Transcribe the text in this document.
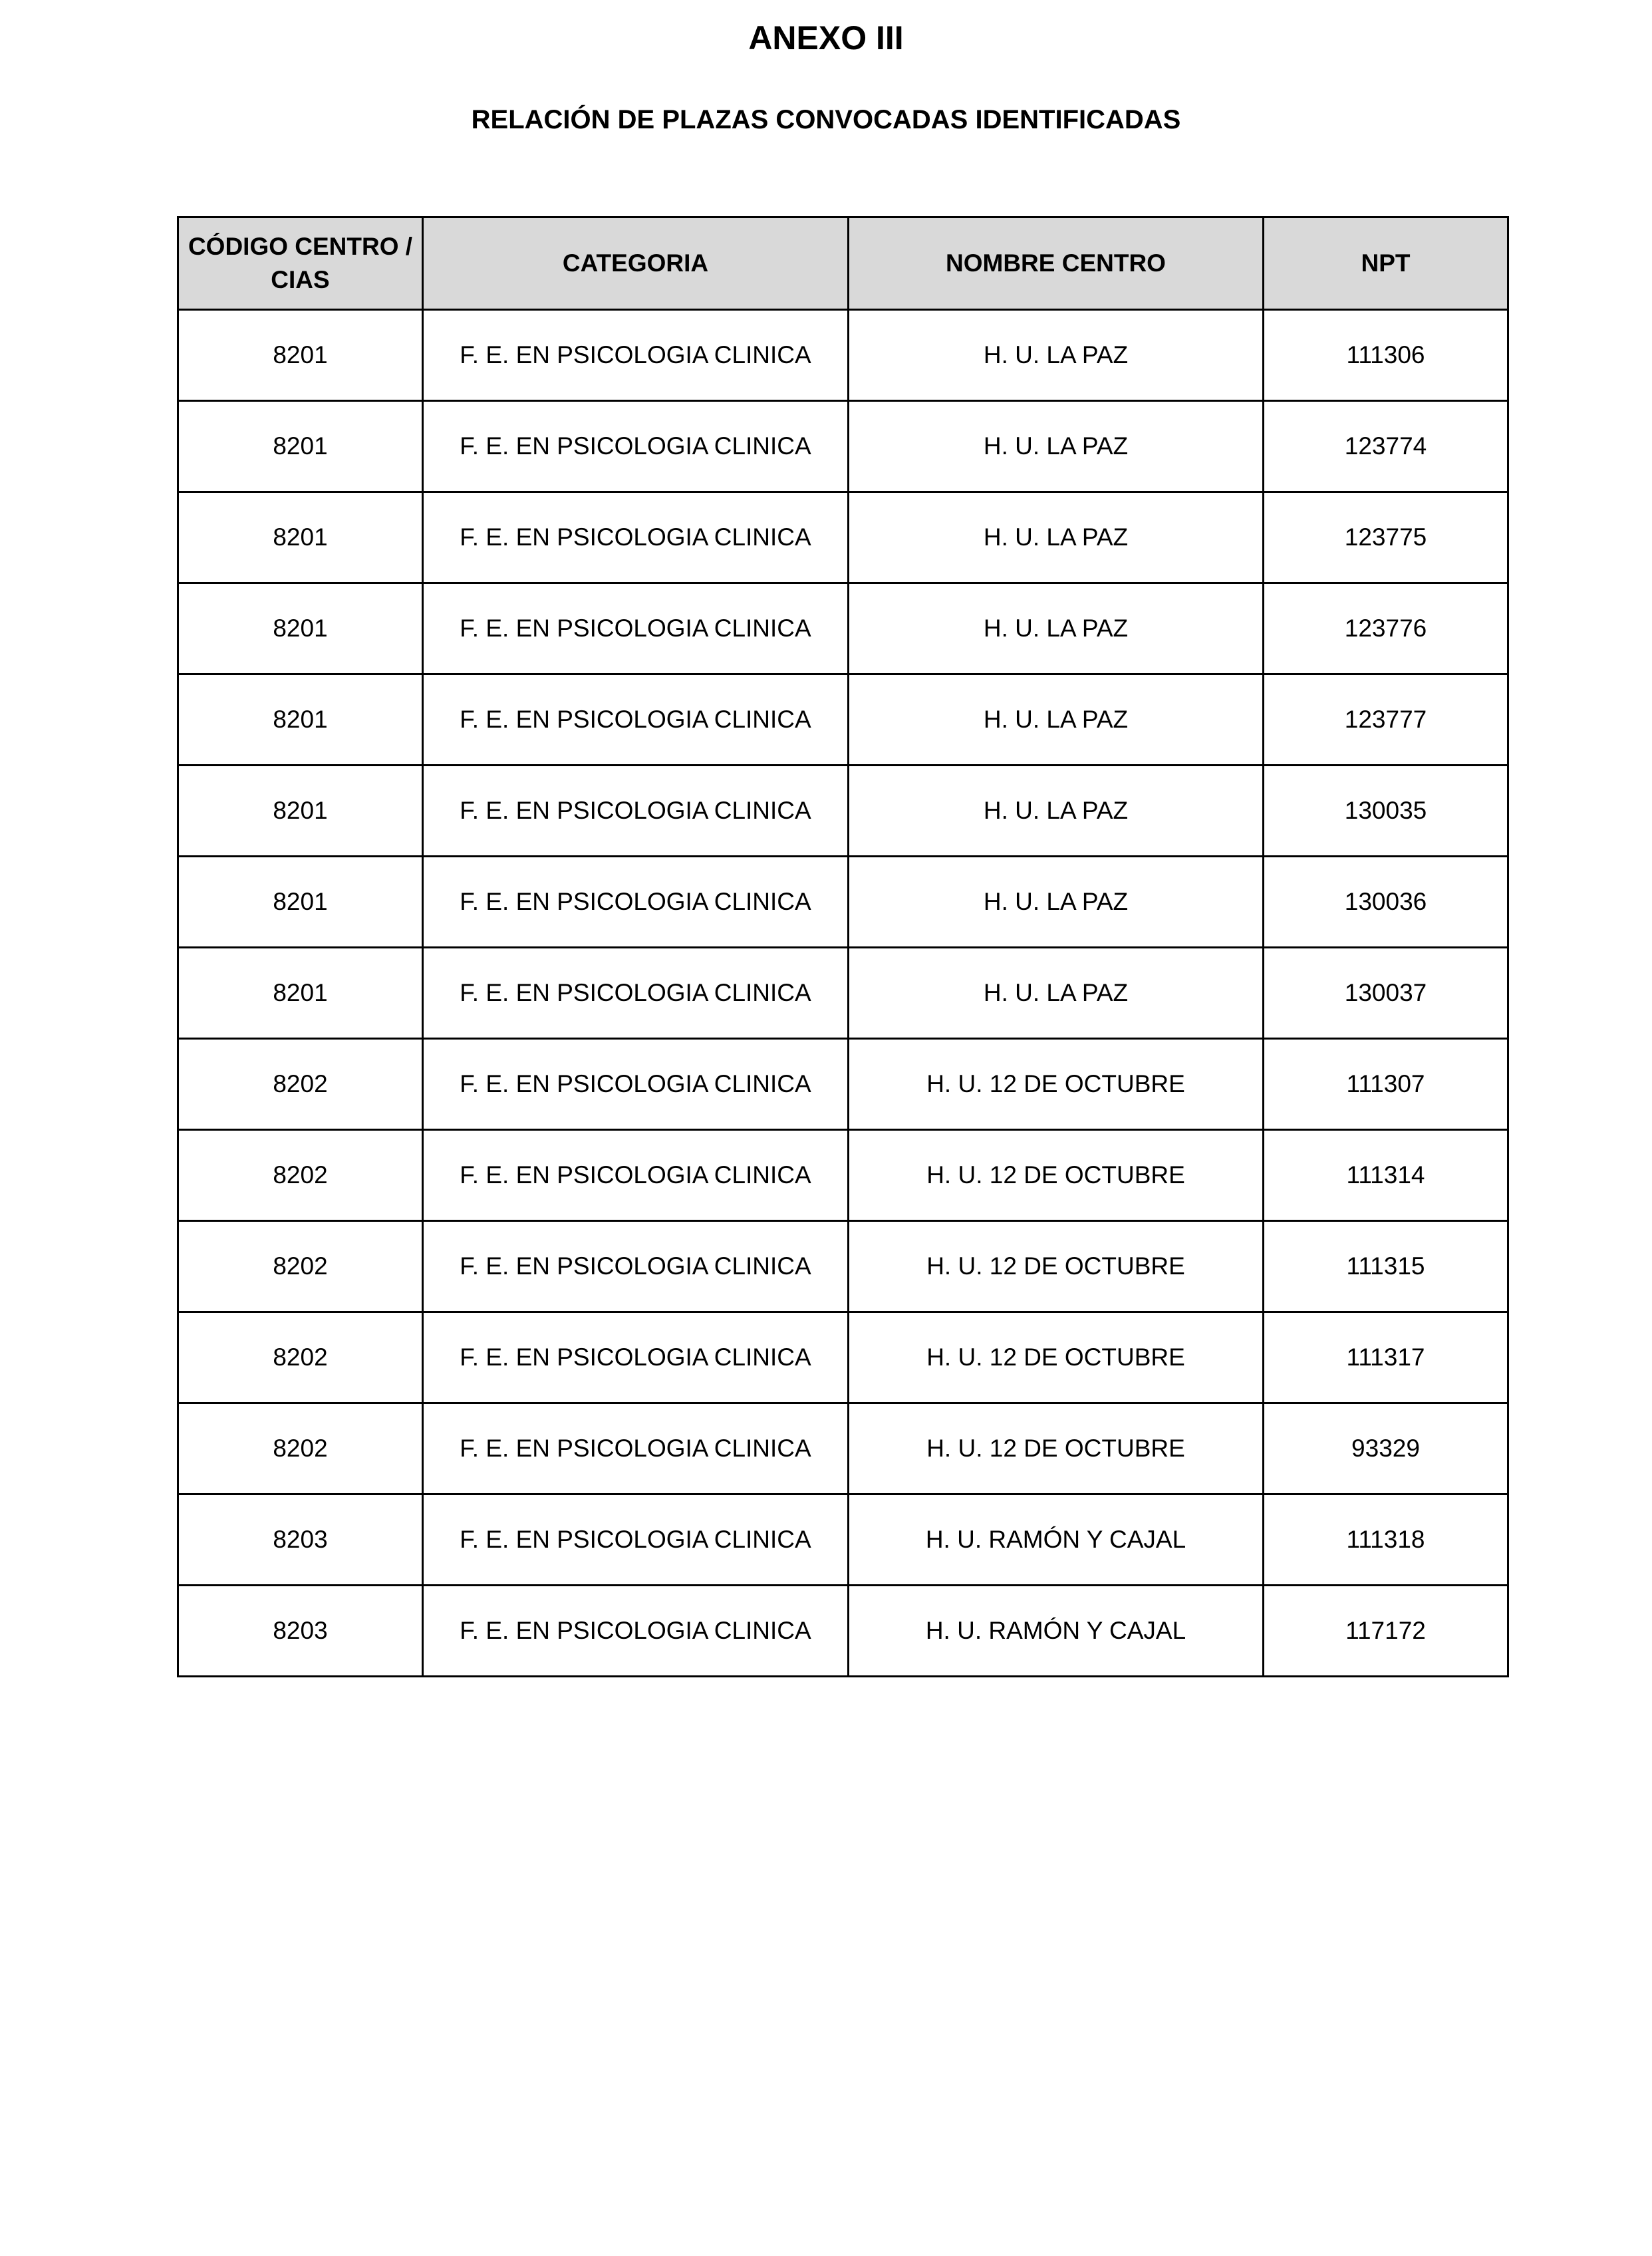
ANEXO III
RELACIÓN DE PLAZAS CONVOCADAS IDENTIFICADAS
CÓDIGO CENTRO / CIAS	CATEGORIA	NOMBRE CENTRO	NPT
8201	F. E. EN PSICOLOGIA CLINICA	H. U. LA PAZ	111306
8201	F. E. EN PSICOLOGIA CLINICA	H. U. LA PAZ	123774
8201	F. E. EN PSICOLOGIA CLINICA	H. U. LA PAZ	123775
8201	F. E. EN PSICOLOGIA CLINICA	H. U. LA PAZ	123776
8201	F. E. EN PSICOLOGIA CLINICA	H. U. LA PAZ	123777
8201	F. E. EN PSICOLOGIA CLINICA	H. U. LA PAZ	130035
8201	F. E. EN PSICOLOGIA CLINICA	H. U. LA PAZ	130036
8201	F. E. EN PSICOLOGIA CLINICA	H. U. LA PAZ	130037
8202	F. E. EN PSICOLOGIA CLINICA	H. U. 12 DE OCTUBRE	111307
8202	F. E. EN PSICOLOGIA CLINICA	H. U. 12 DE OCTUBRE	111314
8202	F. E. EN PSICOLOGIA CLINICA	H. U. 12 DE OCTUBRE	111315
8202	F. E. EN PSICOLOGIA CLINICA	H. U. 12 DE OCTUBRE	111317
8202	F. E. EN PSICOLOGIA CLINICA	H. U. 12 DE OCTUBRE	93329
8203	F. E. EN PSICOLOGIA CLINICA	H. U. RAMÓN Y CAJAL	111318
8203	F. E. EN PSICOLOGIA CLINICA	H. U. RAMÓN Y CAJAL	117172
